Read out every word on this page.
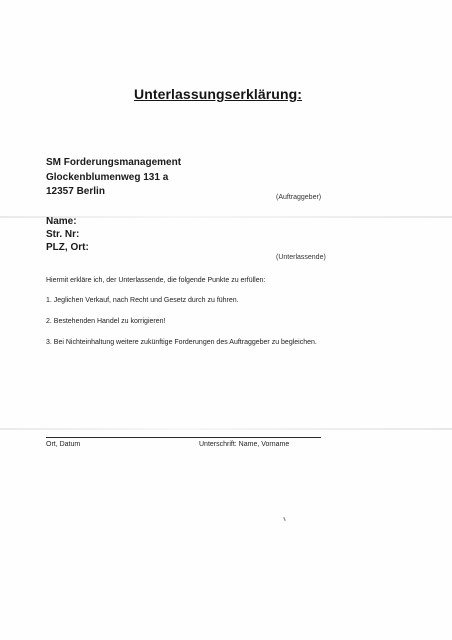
Unterlassungserklärung:
SM Forderungsmanagement
Glockenblumenweg 131 a
12357 Berlin
(Auftraggeber)
Name:
Str. Nr:
PLZ, Ort:
(Unterlassende)
Hiermit erkläre ich, der Unterlassende, die folgende Punkte zu erfüllen:
1. Jeglichen Verkauf, nach Recht und Gesetz durch zu führen.
2. Bestehenden Handel zu korrigieren!
3. Bei Nichteinhaltung weitere zukünftige Forderungen des Auftraggeber zu begleichen.
Ort, Datum	Unterschrift: Name, Vorname
